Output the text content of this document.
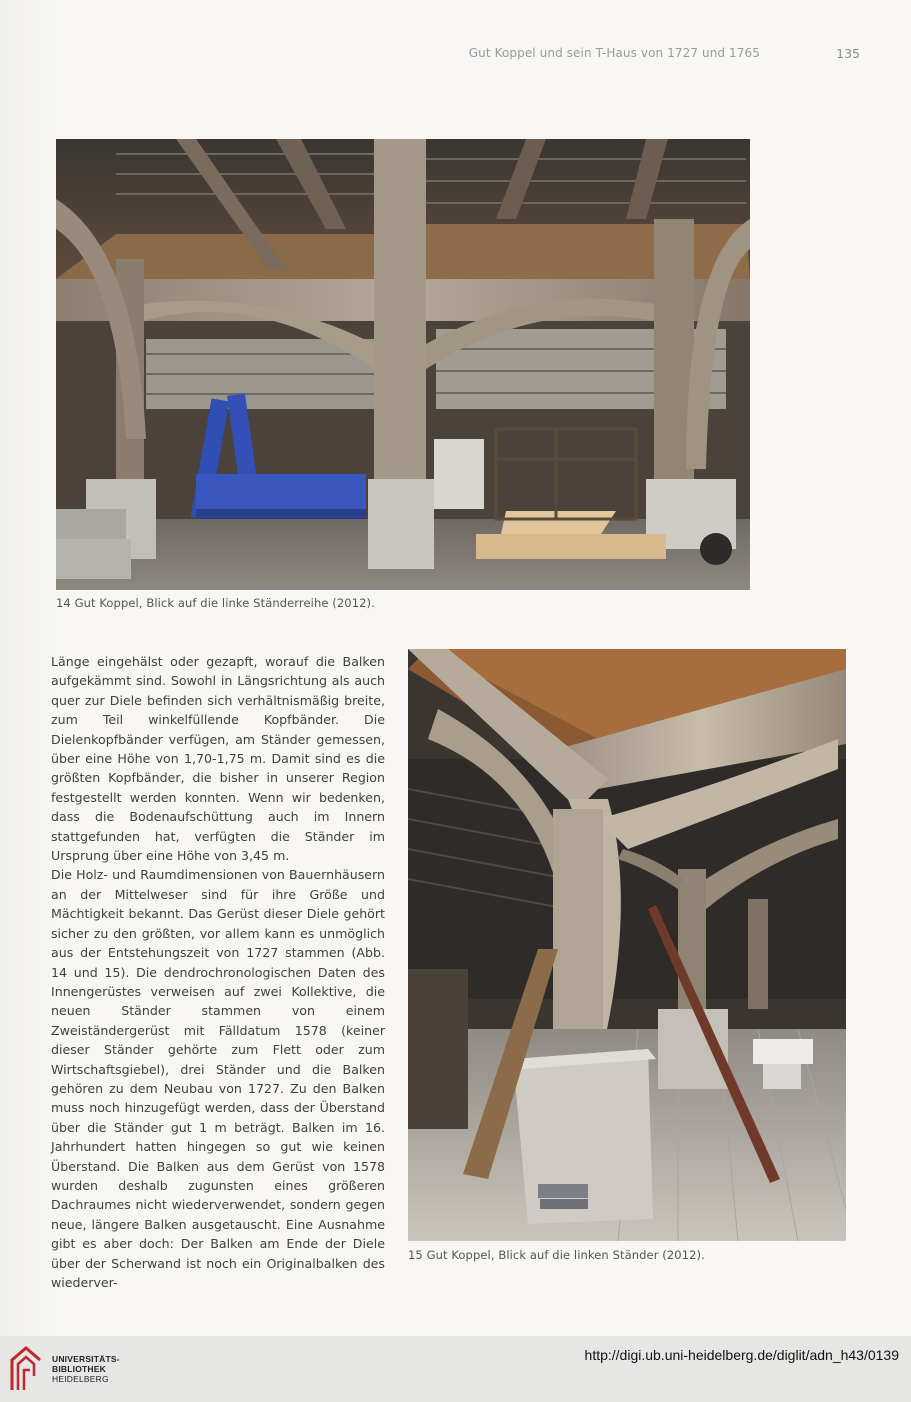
Gut Koppel und sein T-Haus von 1727 und 1765	135
14 Gut Koppel, Blick auf die linke Ständerreihe (2012).

Länge eingehälst oder gezapft, worauf die Balken aufgekämmt sind. Sowohl in Längsrichtung als auch quer zur Diele befinden sich verhältnismäßig breite, zum Teil winkelfüllende Kopfbänder. Die Dielenkopfbänder verfügen, am Ständer gemessen, über eine Höhe von 1,70-1,75 m. Damit sind es die größten Kopfbänder, die bisher in unserer Region festgestellt werden konnten. Wenn wir bedenken, dass die Bodenaufschüttung auch im Innern stattgefunden hat, verfügten die Ständer im Ursprung über eine Höhe von 3,45 m.

Die Holz- und Raumdimensionen von Bauernhäusern an der Mittelweser sind für ihre Größe und Mächtigkeit bekannt. Das Gerüst dieser Diele gehört sicher zu den größten, vor allem kann es unmöglich aus der Entstehungszeit von 1727 stammen (Abb. 14 und 15). Die dendrochronologischen Daten des Innengerüstes verweisen auf zwei Kollektive, die neuen Ständer stammen von einem Zweiständergerüst mit Fälldatum 1578 (keiner dieser Ständer gehörte zum Flett oder zum Wirtschaftsgiebel), drei Ständer und die Balken gehören zu dem Neubau von 1727. Zu den Balken muss noch hinzugefügt werden, dass der Überstand über die Ständer gut 1 m beträgt. Balken im 16. Jahrhundert hatten hingegen so gut wie keinen Überstand. Die Balken aus dem Gerüst von 1578 wurden deshalb zugunsten eines größeren Dachraumes nicht wiederverwendet, sondern gegen neue, längere Balken ausgetauscht. Eine Ausnahme gibt es aber doch: Der Balken am Ende der Diele über der Scherwand ist noch ein Originalbalken des wiederver-

15 Gut Koppel, Blick auf die linken Ständer (2012).
UNIVERSITÄTS-
BIBLIOTHEK
HEIDELBERG
http://digi.ub.uni-heidelberg.de/diglit/adn_h43/0139
